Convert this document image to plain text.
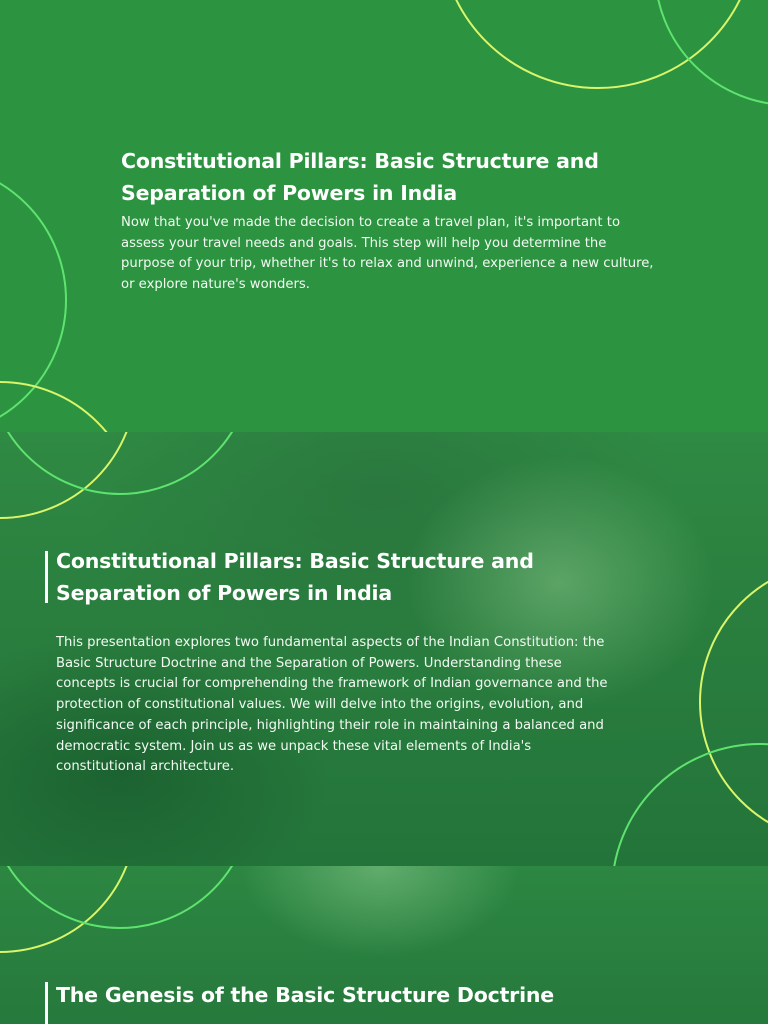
Constitutional Pillars: Basic Structure and Separation of Powers in India

Now that you've made the decision to create a travel plan, it's important to assess your travel needs and goals. This step will help you determine the purpose of your trip, whether it's to relax and unwind, experience a new culture, or explore nature's wonders.

Constitutional Pillars: Basic Structure and Separation of Powers in India

This presentation explores two fundamental aspects of the Indian Constitution: the Basic Structure Doctrine and the Separation of Powers. Understanding these concepts is crucial for comprehending the framework of Indian governance and the protection of constitutional values. We will delve into the origins, evolution, and significance of each principle, highlighting their role in maintaining a balanced and democratic system. Join us as we unpack these vital elements of India's constitutional architecture.

The Genesis of the Basic Structure Doctrine
